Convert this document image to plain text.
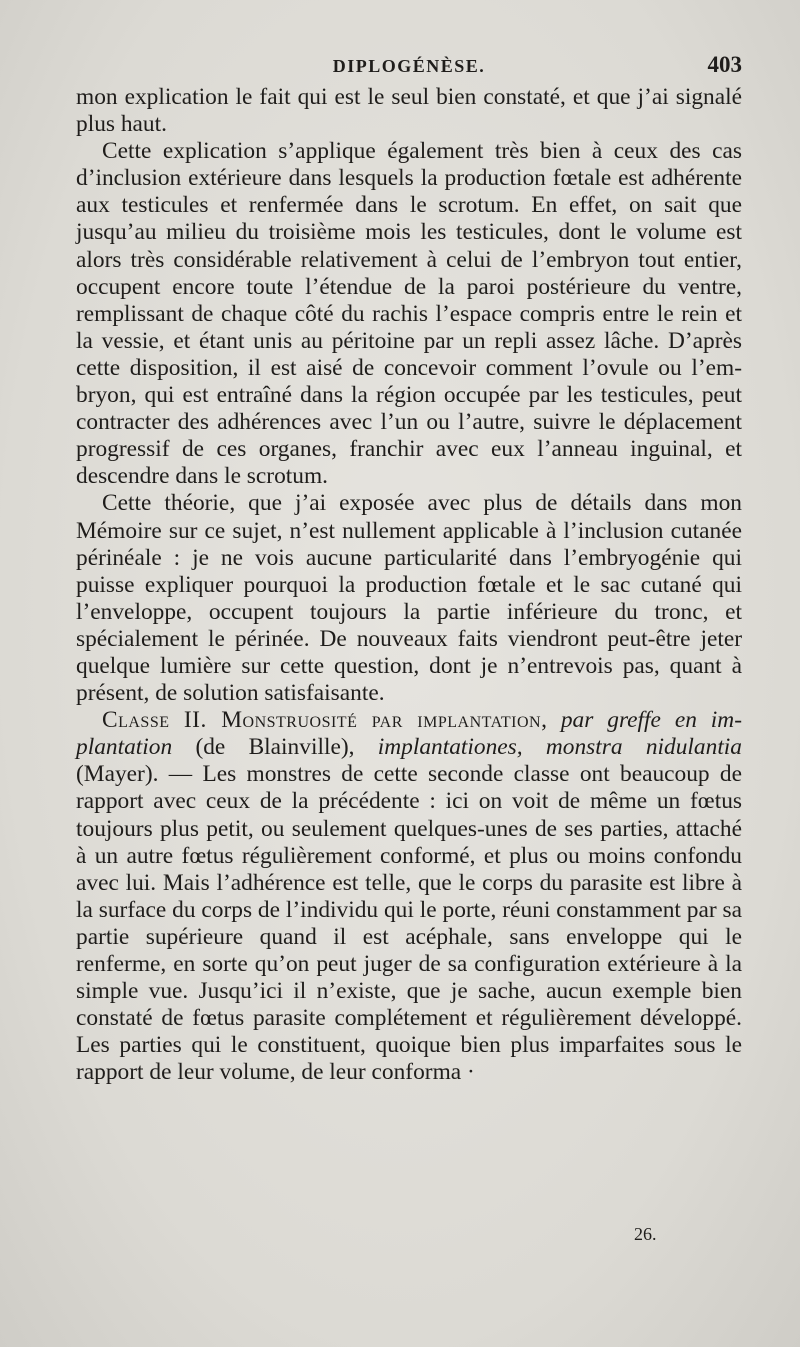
DIPLOGÉNÈSE.	403

mon explication le fait qui est le seul bien constaté, et que j’ai signalé plus haut.

Cette explication s’applique également très bien à ceux des cas d’inclusion extérieure dans lesquels la production fœtale est adhérente aux testicules et renfermée dans le scrotum. En effet, on sait que jusqu’au milieu du troisième mois les testicules, dont le volume est alors très considérable relativement à celui de l’embryon tout entier, occupent encore toute l’étendue de la paroi postérieure du ventre, remplissant de chaque côté du rachis l’espace compris entre le rein et la vessie, et étant unis au péritoine par un repli assez lâche. D’après cette disposition, il est aisé de concevoir comment l’ovule ou l’embryon, qui est entraîné dans la région occupée par les testicules, peut contracter des adhérences avec l’un ou l’autre, suivre le déplacement progressif de ces organes, franchir avec eux l’anneau inguinal, et descendre dans le scrotum.

Cette théorie, que j’ai exposée avec plus de détails dans mon Mémoire sur ce sujet, n’est nullement applicable à l’inclusion cutanée périnéale : je ne vois aucune particularité dans l’embryogénie qui puisse expliquer pourquoi la production fœtale et le sac cutané qui l’enveloppe, occupent toujours la partie inférieure du tronc, et spécialement le périnée. De nouveaux faits viendront peut-être jeter quelque lumière sur cette question, dont je n’entrevois pas, quant à présent, de solution satisfaisante.

Classe II. Monstruosité par implantation, par greffe en implantation (de Blainville), implantationes, monstra nidulantia (Mayer). — Les monstres de cette seconde classe ont beaucoup de rapport avec ceux de la précédente : ici on voit de même un fœtus toujours plus petit, ou seulement quelques-unes de ses parties, attaché à un autre fœtus régulièrement conformé, et plus ou moins confondu avec lui. Mais l’adhérence est telle, que le corps du parasite est libre à la surface du corps de l’individu qui le porte, réuni constamment par sa partie supérieure quand il est acéphale, sans enveloppe qui le renferme, en sorte qu’on peut juger de sa configuration extérieure à la simple vue. Jusqu’ici il n’existe, que je sache, aucun exemple bien constaté de fœtus parasite complétement et régulièrement développé. Les parties qui le constituent, quoique bien plus imparfaites sous le rapport de leur volume, de leur conforma ·

26.
